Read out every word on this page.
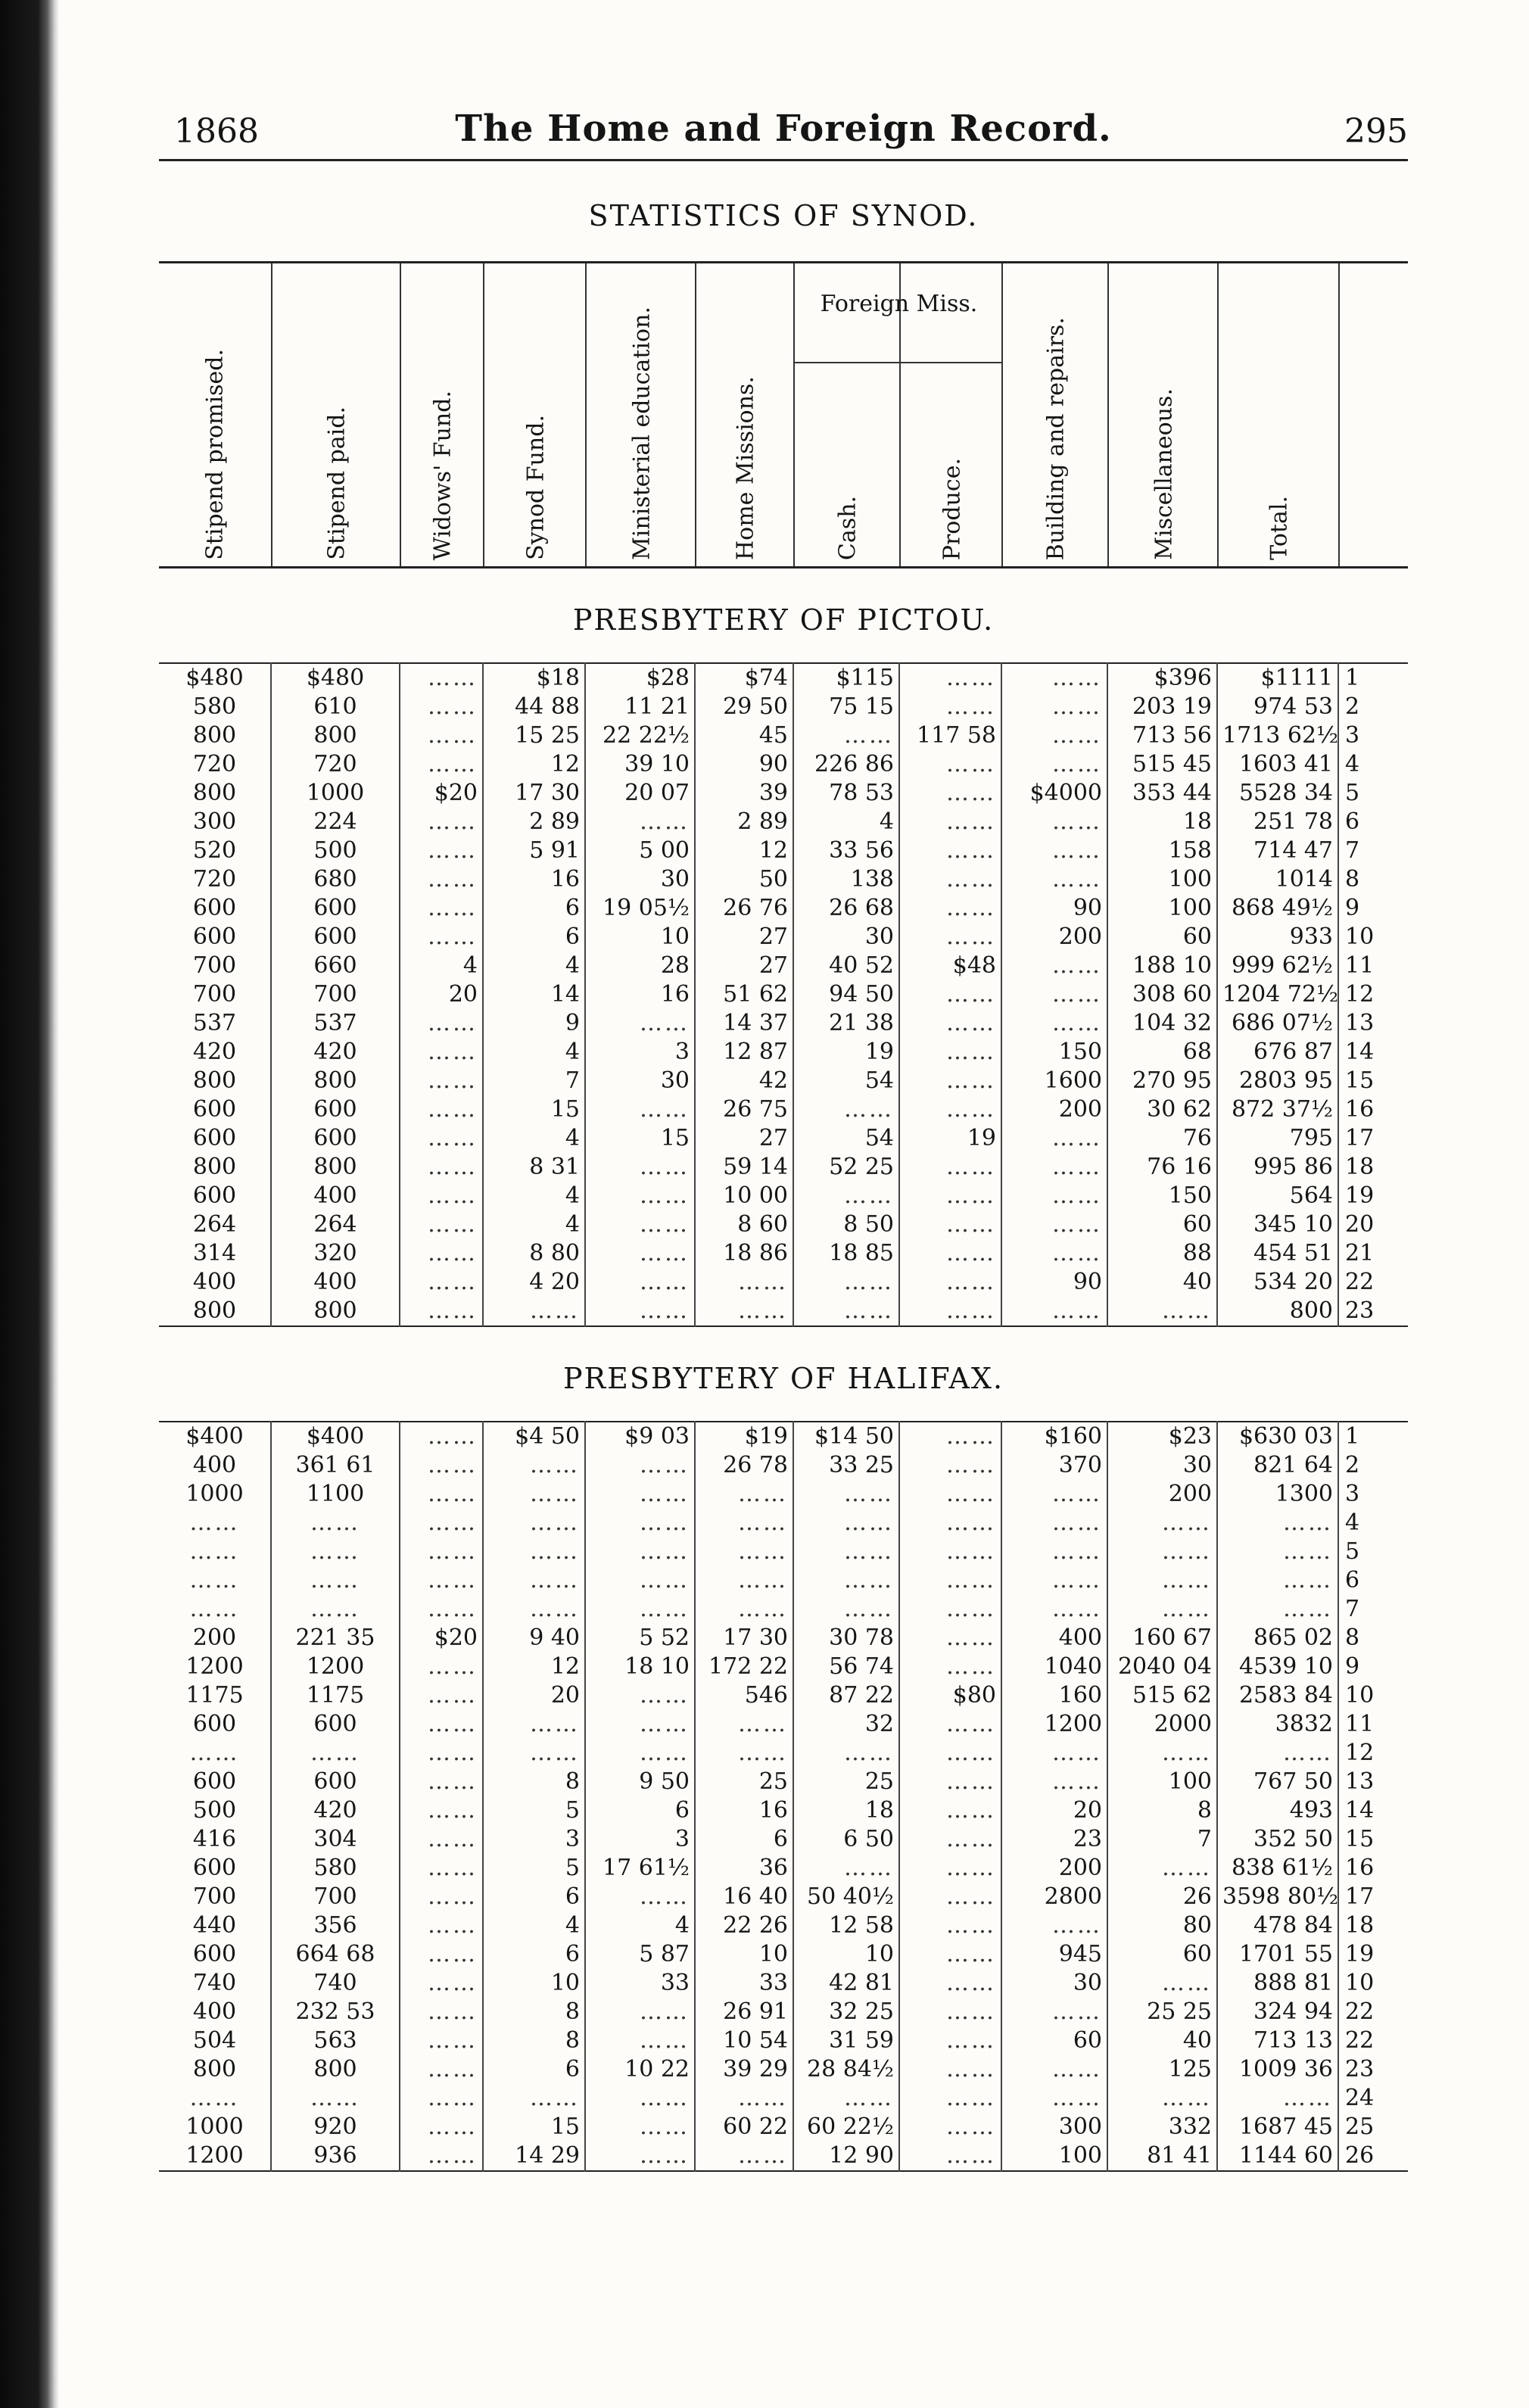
1868	The Home and Foreign Record.	295
STATISTICS OF SYNOD.
Stipend promised.	Stipend paid.	Widows' Fund.	Synod Fund.	Ministerial education.	Home Missions.	Cash.	Produce.	Building and repairs.	Miscellaneous.	Total.
Foreign Miss.
PRESBYTERY OF PICTOU.
$480	$480	……	$18	$28	$74	$115	……	……	$396	$1111	1
580	610	……	44 88	11 21	29 50	75 15	……	……	203 19	974 53	2
800	800	……	15 25	22 22½	45	……	117 58	……	713 56	1713 62½	3
720	720	……	12	39 10	90	226 86	……	……	515 45	1603 41	4
800	1000	$20	17 30	20 07	39	78 53	……	$4000	353 44	5528 34	5
300	224	……	2 89	……	2 89	4	……	……	18	251 78	6
520	500	……	5 91	5 00	12	33 56	……	……	158	714 47	7
720	680	……	16	30	50	138	……	……	100	1014	8
600	600	……	6	19 05½	26 76	26 68	……	90	100	868 49½	9
600	600	……	6	10	27	30	……	200	60	933	10
700	660	4	4	28	27	40 52	$48	……	188 10	999 62½	11
700	700	20	14	16	51 62	94 50	……	……	308 60	1204 72½	12
537	537	……	9	……	14 37	21 38	……	……	104 32	686 07½	13
420	420	……	4	3	12 87	19	……	150	68	676 87	14
800	800	……	7	30	42	54	……	1600	270 95	2803 95	15
600	600	……	15	……	26 75	……	……	200	30 62	872 37½	16
600	600	……	4	15	27	54	19	……	76	795	17
800	800	……	8 31	……	59 14	52 25	……	……	76 16	995 86	18
600	400	……	4	……	10 00	……	……	……	150	564	19
264	264	……	4	……	8 60	8 50	……	……	60	345 10	20
314	320	……	8 80	……	18 86	18 85	……	……	88	454 51	21
400	400	……	4 20	……	……	……	……	90	40	534 20	22
800	800	……	……	……	……	……	……	……	……	800	23
PRESBYTERY OF HALIFAX.
$400	$400	……	$4 50	$9 03	$19	$14 50	……	$160	$23	$630 03	1
400	361 61	……	……	……	26 78	33 25	……	370	30	821 64	2
1000	1100	……	……	……	……	……	……	……	200	1300	3
……	……	……	……	……	……	……	……	……	……	……	4
……	……	……	……	……	……	……	……	……	……	……	5
……	……	……	……	……	……	……	……	……	……	……	6
……	……	……	……	……	……	……	……	……	……	……	7
200	221 35	$20	9 40	5 52	17 30	30 78	……	400	160 67	865 02	8
1200	1200	……	12	18 10	172 22	56 74	……	1040	2040 04	4539 10	9
1175	1175	……	20	……	546	87 22	$80	160	515 62	2583 84	10
600	600	……	……	……	……	32	……	1200	2000	3832	11
……	……	……	……	……	……	……	……	……	……	……	12
600	600	……	8	9 50	25	25	……	……	100	767 50	13
500	420	……	5	6	16	18	……	20	8	493	14
416	304	……	3	3	6	6 50	……	23	7	352 50	15
600	580	……	5	17 61½	36	……	……	200	……	838 61½	16
700	700	……	6	……	16 40	50 40½	……	2800	26	3598 80½	17
440	356	……	4	4	22 26	12 58	……	……	80	478 84	18
600	664 68	……	6	5 87	10	10	……	945	60	1701 55	19
740	740	……	10	33	33	42 81	……	30	……	888 81	10
400	232 53	……	8	……	26 91	32 25	……	……	25 25	324 94	22
504	563	……	8	……	10 54	31 59	……	60	40	713 13	22
800	800	……	6	10 22	39 29	28 84½	……	……	125	1009 36	23
……	……	……	……	……	……	……	……	……	……	……	24
1000	920	……	15	……	60 22	60 22½	……	300	332	1687 45	25
1200	936	……	14 29	……	……	12 90	……	100	81 41	1144 60	26
